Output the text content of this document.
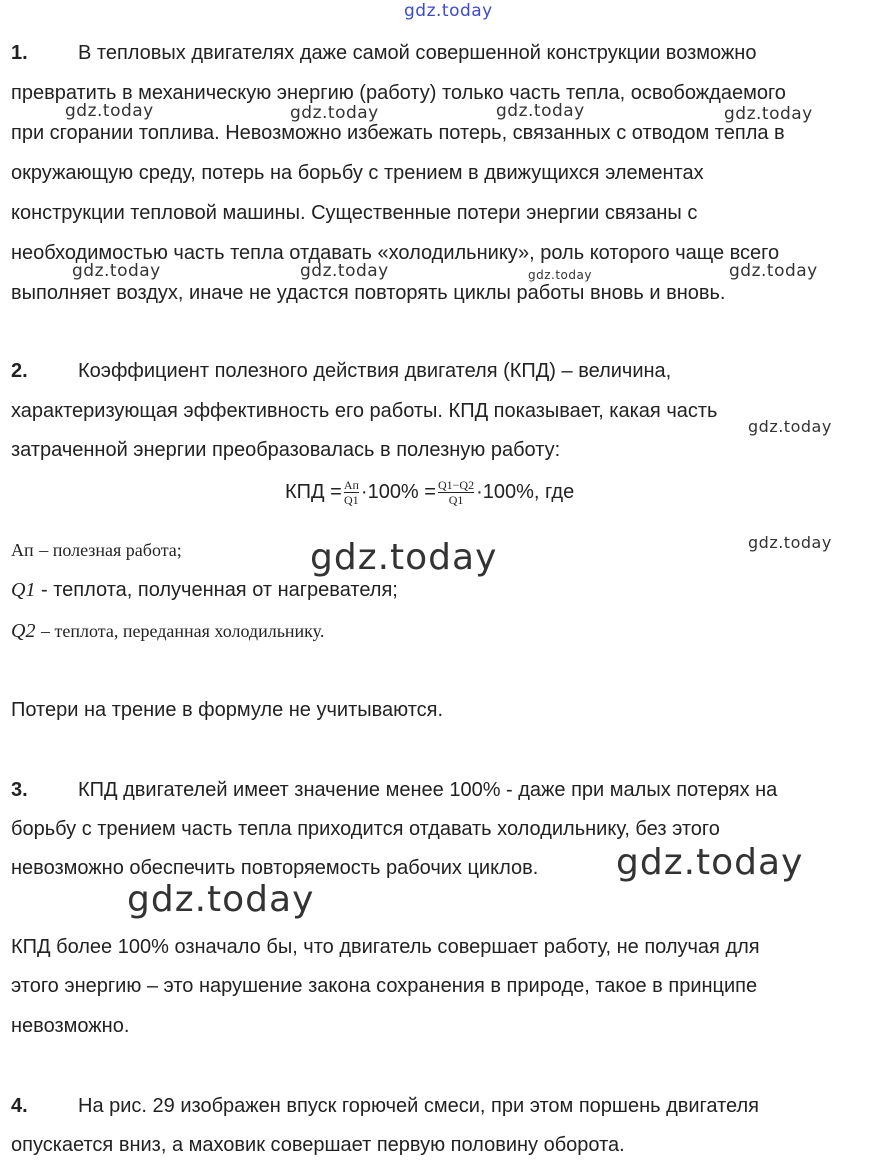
gdz.today
gdz.today	gdz.today	gdz.today	gdz.today
gdz.today	gdz.today	gdz.today	gdz.today
gdz.today
gdz.today
gdz.today
gdz.today
gdz.today
1.	В тепловых двигателях даже самой совершенной конструкции возможно
превратить в механическую энергию (работу) только часть тепла, освобождаемого
при сгорании топлива. Невозможно избежать потерь, связанных с отводом тепла в
окружающую среду, потерь на борьбу с трением в движущихся элементах
конструкции тепловой машины. Существенные потери энергии связаны с
необходимостью часть тепла отдавать «холодильнику», роль которого чаще всего
выполняет воздух, иначе не удастся повторять циклы работы вновь и вновь.
2.	Коэффициент полезного действия двигателя (КПД) – величина,
характеризующая эффективность его работы. КПД показывает, какая часть
затраченной энергии преобразовалась в полезную работу:
КПД = $\frac{Aп}{Q1} \cdot 100\% = \frac{Q1-Q2}{Q1} \cdot 100\%$, где
Aп – полезная работа;
Q1 - теплота, полученная от нагревателя;
Q2 – теплота, переданная холодильнику.
Потери на трение в формуле не учитываются.
3.	КПД двигателей имеет значение менее 100% - даже при малых потерях на
борьбу с трением часть тепла приходится отдавать холодильнику, без этого
невозможно обеспечить повторяемость рабочих циклов.
КПД более 100% означало бы, что двигатель совершает работу, не получая для
этого энергию – это нарушение закона сохранения в природе, такое в принципе
невозможно.
4.	На рис. 29 изображен впуск горючей смеси, при этом поршень двигателя
опускается вниз, а маховик совершает первую половину оборота.
